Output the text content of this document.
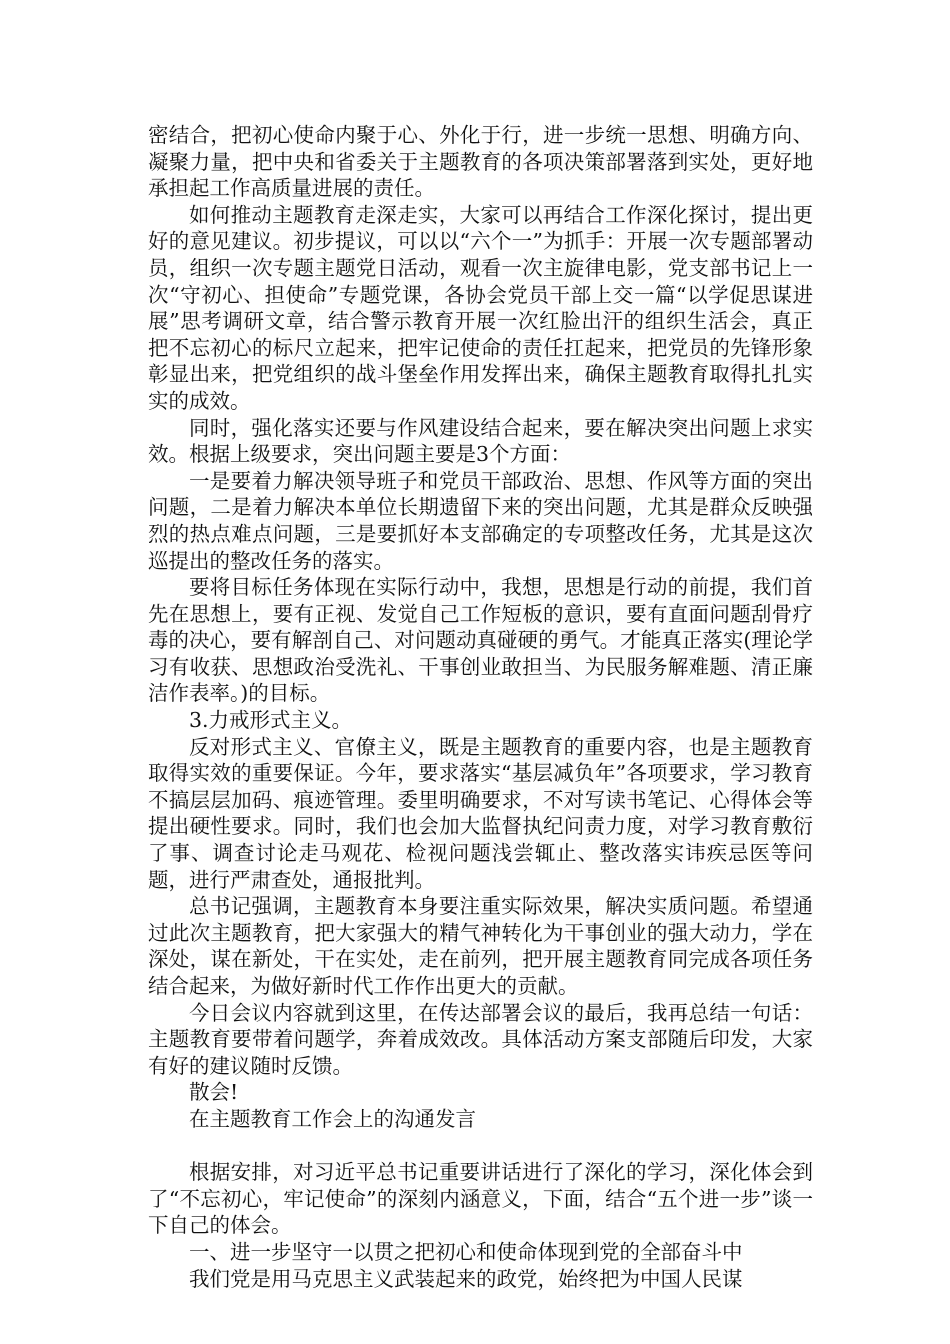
密结合，把初心使命内聚于心、外化于行，进一步统一思想、明确方向、凝聚力量，把中央和省委关于主题教育的各项决策部署落到实处，更好地承担起工作高质量进展的责任。

如何推动主题教育走深走实，大家可以再结合工作深化探讨，提出更好的意见建议。初步提议，可以以“六个一”为抓手：开展一次专题部署动员，组织一次专题主题党日活动，观看一次主旋律电影，党支部书记上一次“守初心、担使命”专题党课，各协会党员干部上交一篇“以学促思谋进展”思考调研文章，结合警示教育开展一次红脸出汗的组织生活会，真正把不忘初心的标尺立起来，把牢记使命的责任扛起来，把党员的先锋形象彰显出来，把党组织的战斗堡垒作用发挥出来，确保主题教育取得扎扎实实的成效。

同时，强化落实还要与作风建设结合起来，要在解决突出问题上求实效。根据上级要求，突出问题主要是3个方面：

一是要着力解决领导班子和党员干部政治、思想、作风等方面的突出问题，二是着力解决本单位长期遗留下来的突出问题，尤其是群众反映强烈的热点难点问题，三是要抓好本支部确定的专项整改任务，尤其是这次巡提出的整改任务的落实。

要将目标任务体现在实际行动中，我想，思想是行动的前提，我们首先在思想上，要有正视、发觉自己工作短板的意识，要有直面问题刮骨疗毒的决心，要有解剖自己、对问题动真碰硬的勇气。才能真正落实(理论学习有收获、思想政治受洗礼、干事创业敢担当、为民服务解难题、清正廉洁作表率。)的目标。

3.力戒形式主义。

反对形式主义、官僚主义，既是主题教育的重要内容，也是主题教育取得实效的重要保证。今年，要求落实“基层减负年”各项要求，学习教育不搞层层加码、痕迹管理。委里明确要求，不对写读书笔记、心得体会等提出硬性要求。同时，我们也会加大监督执纪问责力度，对学习教育敷衍了事、调查讨论走马观花、检视问题浅尝辄止、整改落实讳疾忌医等问题，进行严肃查处，通报批判。

总书记强调，主题教育本身要注重实际效果，解决实质问题。希望通过此次主题教育，把大家强大的精气神转化为干事创业的强大动力，学在深处，谋在新处，干在实处，走在前列，把开展主题教育同完成各项任务结合起来，为做好新时代工作作出更大的贡献。

今日会议内容就到这里，在传达部署会议的最后，我再总结一句话：主题教育要带着问题学，奔着成效改。具体活动方案支部随后印发，大家有好的建议随时反馈。

散会!

在主题教育工作会上的沟通发言

根据安排，对习近平总书记重要讲话进行了深化的学习，深化体会到了“不忘初心，牢记使命”的深刻内涵意义，下面，结合“五个进一步”谈一下自己的体会。

一、进一步坚守一以贯之把初心和使命体现到党的全部奋斗中

我们党是用马克思主义武装起来的政党，始终把为中国人民谋
